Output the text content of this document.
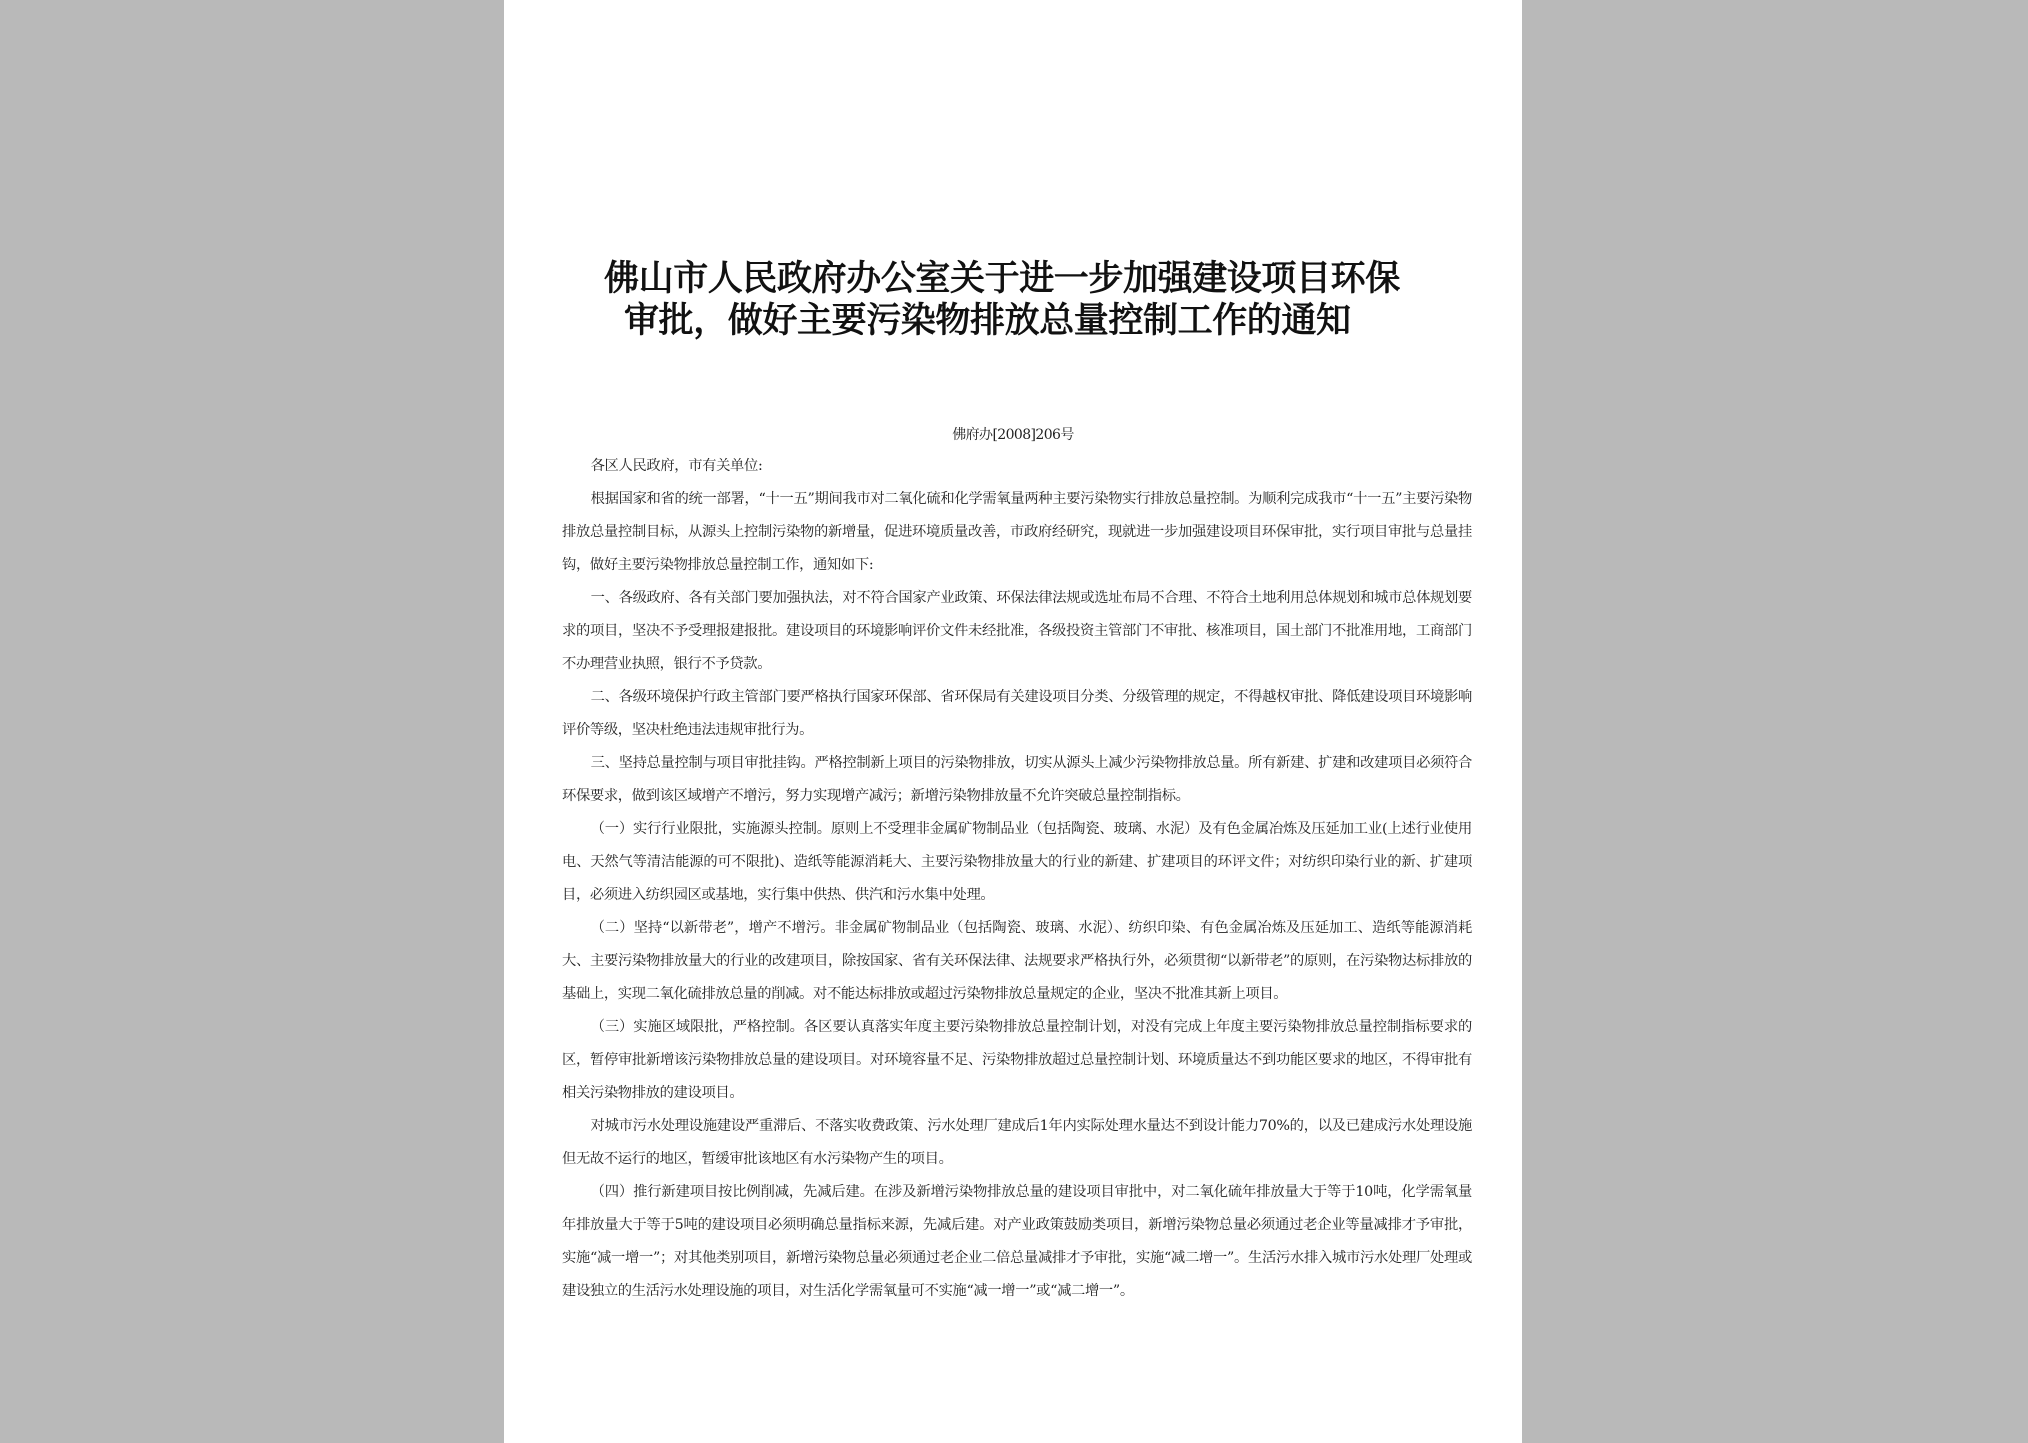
佛山市人民政府办公室关于进一步加强建设项目环保
审批，做好主要污染物排放总量控制工作的通知
佛府办[2008]206号

各区人民政府，市有关单位:

根据国家和省的统一部署，“十一五”期间我市对二氧化硫和化学需氧量两种主要污染物实行排放总量控制。为顺利完成我市“十一五”主要污染物排放总量控制目标，从源头上控制污染物的新增量，促进环境质量改善，市政府经研究，现就进一步加强建设项目环保审批，实行项目审批与总量挂钩，做好主要污染物排放总量控制工作，通知如下:

一、各级政府、各有关部门要加强执法，对不符合国家产业政策、环保法律法规或选址布局不合理、不符合土地利用总体规划和城市总体规划要求的项目，坚决不予受理报建报批。建设项目的环境影响评价文件未经批准，各级投资主管部门不审批、核准项目，国土部门不批准用地，工商部门不办理营业执照，银行不予贷款。

二、各级环境保护行政主管部门要严格执行国家环保部、省环保局有关建设项目分类、分级管理的规定，不得越权审批、降低建设项目环境影响评价等级，坚决杜绝违法违规审批行为。

三、坚持总量控制与项目审批挂钩。严格控制新上项目的污染物排放，切实从源头上减少污染物排放总量。所有新建、扩建和改建项目必须符合环保要求，做到该区域增产不增污，努力实现增产减污；新增污染物排放量不允许突破总量控制指标。

（一）实行行业限批，实施源头控制。原则上不受理非金属矿物制品业（包括陶瓷、玻璃、水泥）及有色金属冶炼及压延加工业(上述行业使用电、天然气等清洁能源的可不限批)、造纸等能源消耗大、主要污染物排放量大的行业的新建、扩建项目的环评文件；对纺织印染行业的新、扩建项目，必须进入纺织园区或基地，实行集中供热、供汽和污水集中处理。

（二）坚持“以新带老”，增产不增污。非金属矿物制品业（包括陶瓷、玻璃、水泥）、纺织印染、有色金属冶炼及压延加工、造纸等能源消耗大、主要污染物排放量大的行业的改建项目，除按国家、省有关环保法律、法规要求严格执行外，必须贯彻“以新带老”的原则，在污染物达标排放的基础上，实现二氧化硫排放总量的削减。对不能达标排放或超过污染物排放总量规定的企业，坚决不批准其新上项目。

（三）实施区域限批，严格控制。各区要认真落实年度主要污染物排放总量控制计划，对没有完成上年度主要污染物排放总量控制指标要求的区，暂停审批新增该污染物排放总量的建设项目。对环境容量不足、污染物排放超过总量控制计划、环境质量达不到功能区要求的地区，不得审批有相关污染物排放的建设项目。

对城市污水处理设施建设严重滞后、不落实收费政策、污水处理厂建成后1年内实际处理水量达不到设计能力70%的，以及已建成污水处理设施但无故不运行的地区，暂缓审批该地区有水污染物产生的项目。

（四）推行新建项目按比例削减，先减后建。在涉及新增污染物排放总量的建设项目审批中，对二氧化硫年排放量大于等于10吨，化学需氧量年排放量大于等于5吨的建设项目必须明确总量指标来源，先减后建。对产业政策鼓励类项目，新增污染物总量必须通过老企业等量减排才予审批，实施“减一增一”；对其他类别项目，新增污染物总量必须通过老企业二倍总量减排才予审批，实施“减二增一”。生活污水排入城市污水处理厂处理或建设独立的生活污水处理设施的项目，对生活化学需氧量可不实施“减一增一”或“减二增一”。
